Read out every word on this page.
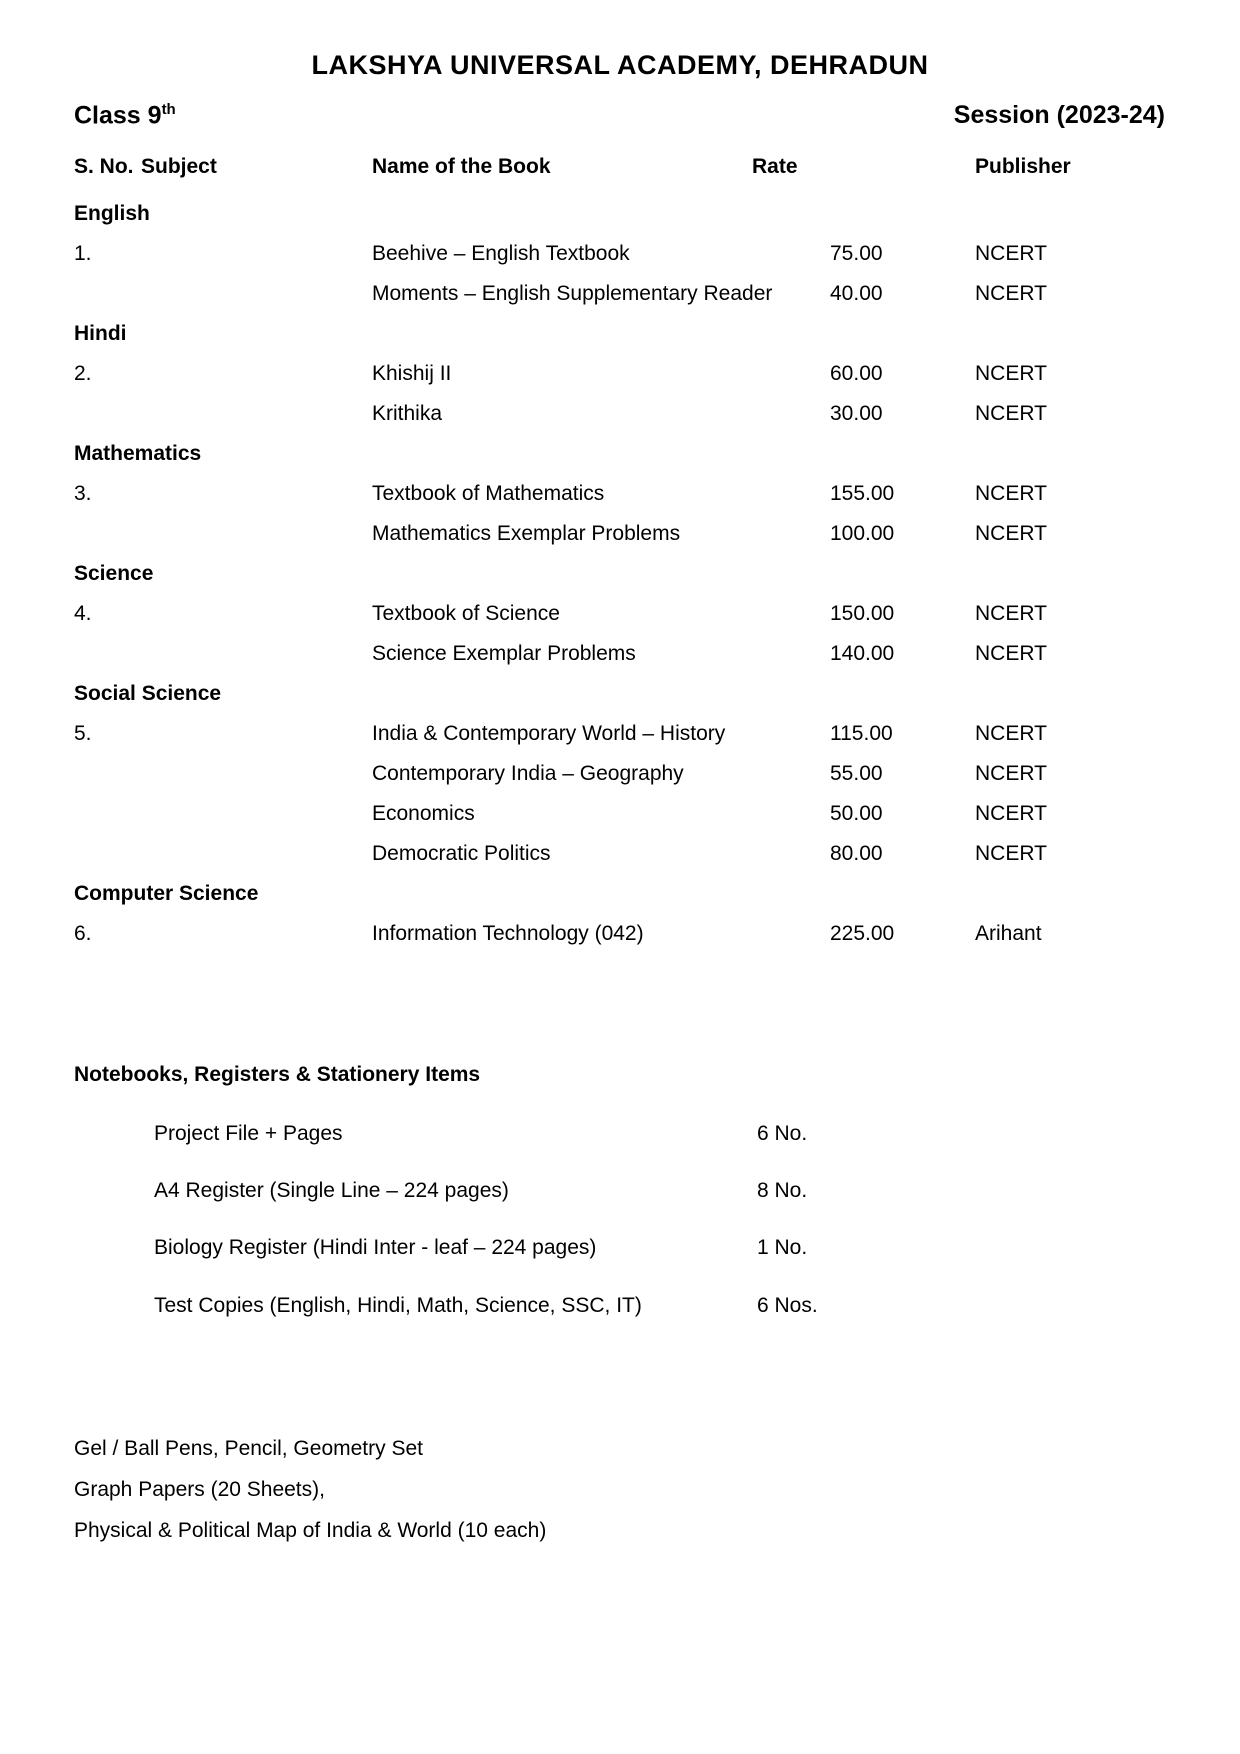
LAKSHYA UNIVERSAL ACADEMY, DEHRADUN
Class 9th	Session (2023-24)
S. No. Subject	Name of the Book	Rate	Publisher
English
1.	Beehive – English Textbook	75.00	NCERT
Moments – English Supplementary Reader	40.00	NCERT
Hindi
2.	Khishij II	60.00	NCERT
Krithika	30.00	NCERT
Mathematics
3.	Textbook of Mathematics	155.00	NCERT
Mathematics Exemplar Problems	100.00	NCERT
Science
4.	Textbook of Science	150.00	NCERT
Science Exemplar Problems	140.00	NCERT
Social Science
5.	India & Contemporary World – History	115.00	NCERT
Contemporary India – Geography	55.00	NCERT
Economics	50.00	NCERT
Democratic Politics	80.00	NCERT
Computer Science
6.	Information Technology (042)	225.00	Arihant
Notebooks, Registers & Stationery Items
Project File + Pages	6 No.
A4 Register (Single Line – 224 pages)	8 No.
Biology Register (Hindi Inter - leaf – 224 pages)	1 No.
Test Copies (English, Hindi, Math, Science, SSC, IT)	6 Nos.
Gel / Ball Pens, Pencil, Geometry Set
Graph Papers (20 Sheets),
Physical & Political Map of India & World (10 each)
